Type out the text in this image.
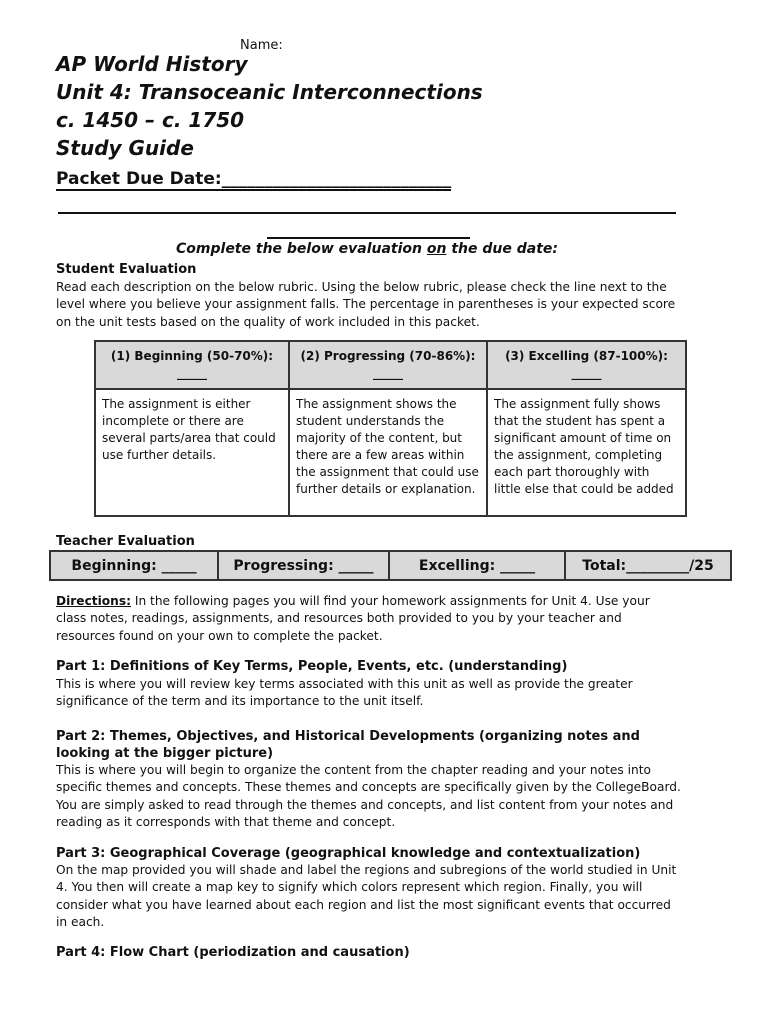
Name:
AP World History
Unit 4: Transoceanic Interconnections
c. 1450 – c. 1750
Study Guide
Packet Due Date:___________________________
Complete the below evaluation on the due date:
Student Evaluation
Read each description on the below rubric. Using the below rubric, please check the line next to the level where you believe your assignment falls. The percentage in parentheses is your expected score on the unit tests based on the quality of work included in this packet.
(1) Beginning (50-70%): _____	(2) Progressing (70-86%): _____	(3) Excelling (87-100%): _____
The assignment is either incomplete or there are several parts/area that could use further details.	The assignment shows the student understands the majority of the content, but there are a few areas within the assignment that could use further details or explanation.	The assignment fully shows that the student has spent a significant amount of time on the assignment, completing each part thoroughly with little else that could be added
Teacher Evaluation
Beginning: _____	Progressing: _____	Excelling: _____	Total:_________/25
Directions: In the following pages you will find your homework assignments for Unit 4. Use your class notes, readings, assignments, and resources both provided to you by your teacher and resources found on your own to complete the packet.
Part 1: Definitions of Key Terms, People, Events, etc. (understanding)
This is where you will review key terms associated with this unit as well as provide the greater significance of the term and its importance to the unit itself.
Part 2: Themes, Objectives, and Historical Developments (organizing notes and looking at the bigger picture)
This is where you will begin to organize the content from the chapter reading and your notes into specific themes and concepts. These themes and concepts are specifically given by the CollegeBoard. You are simply asked to read through the themes and concepts, and list content from your notes and reading as it corresponds with that theme and concept.
Part 3: Geographical Coverage (geographical knowledge and contextualization)
On the map provided you will shade and label the regions and subregions of the world studied in Unit 4. You then will create a map key to signify which colors represent which region. Finally, you will consider what you have learned about each region and list the most significant events that occurred in each.
Part 4: Flow Chart (periodization and causation)
